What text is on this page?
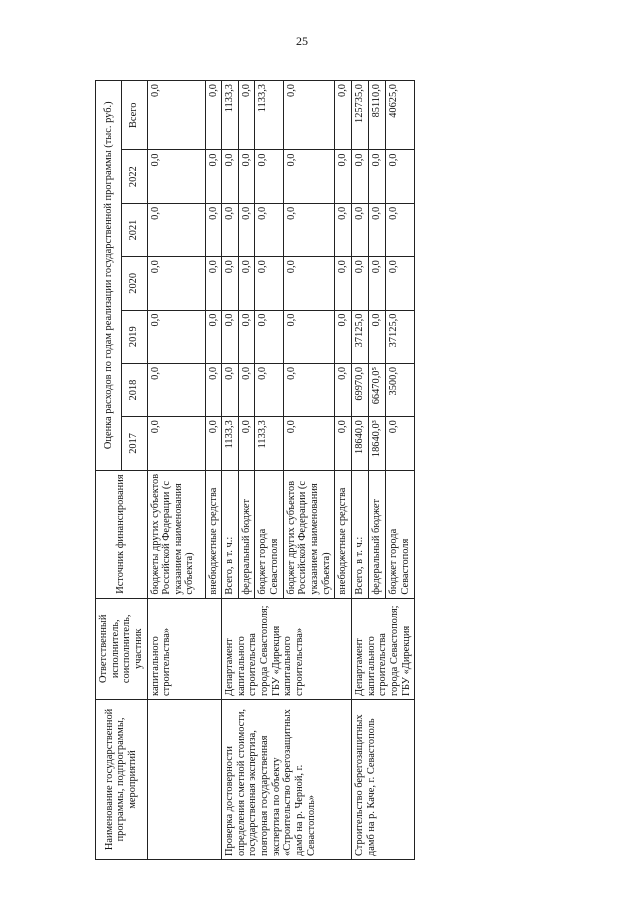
25
Наименование государственной программы, подпрограммы, мероприятий	Ответственный исполнитель, соисполнитель, участник	Источник финансирования	Оценка расходов по годам реализации государственной программы (тыс. руб.)						
			2017	2018	2019	2020	2021	2022	Всего
	капитального строительства»	бюджеты других субъектов Российской Федерации (с указанием наименования субъекта)	0,0	0,0	0,0	0,0	0,0	0,0	0,0
		внебюджетные средства	0,0	0,0	0,0	0,0	0,0	0,0	0,0
Проверка достоверности определения сметной стоимости, государственная экспертиза, повторная государственная экспертиза по объекту «Строительство берегозащитных дамб на р. Черной, г. Севастополь»	Департамент капитального строительства города Севастополя; ГБУ «Дирекция капитального строительства»	Всего, в т. ч.:	1133,3	0,0	0,0	0,0	0,0	0,0	1133,3
		федеральный бюджет	0,0	0,0	0,0	0,0	0,0	0,0	0,0
		бюджет города Севастополя	1133,3	0,0	0,0	0,0	0,0	0,0	1133,3
		бюджет других субъектов Российской Федерации (с указанием наименования субъекта)	0,0	0,0	0,0	0,0	0,0	0,0	0,0
		внебюджетные средства	0,0	0,0	0,0	0,0	0,0	0,0	0,0
Строительство берегозащитных дамб на р. Каче, г. Севастополь	Департамент капитального строительства города Севастополя; ГБУ «Дирекция	Всего, в т. ч.:	18640,0	69970,0	37125,0	0,0	0,0	0,0	125735,0
		федеральный бюджет	18640,0³	66470,0⁵	0,0	0,0	0,0	0,0	85110,0
		бюджет города Севастополя	0,0	3500,0	37125,0	0,0	0,0	0,0	40625,0
